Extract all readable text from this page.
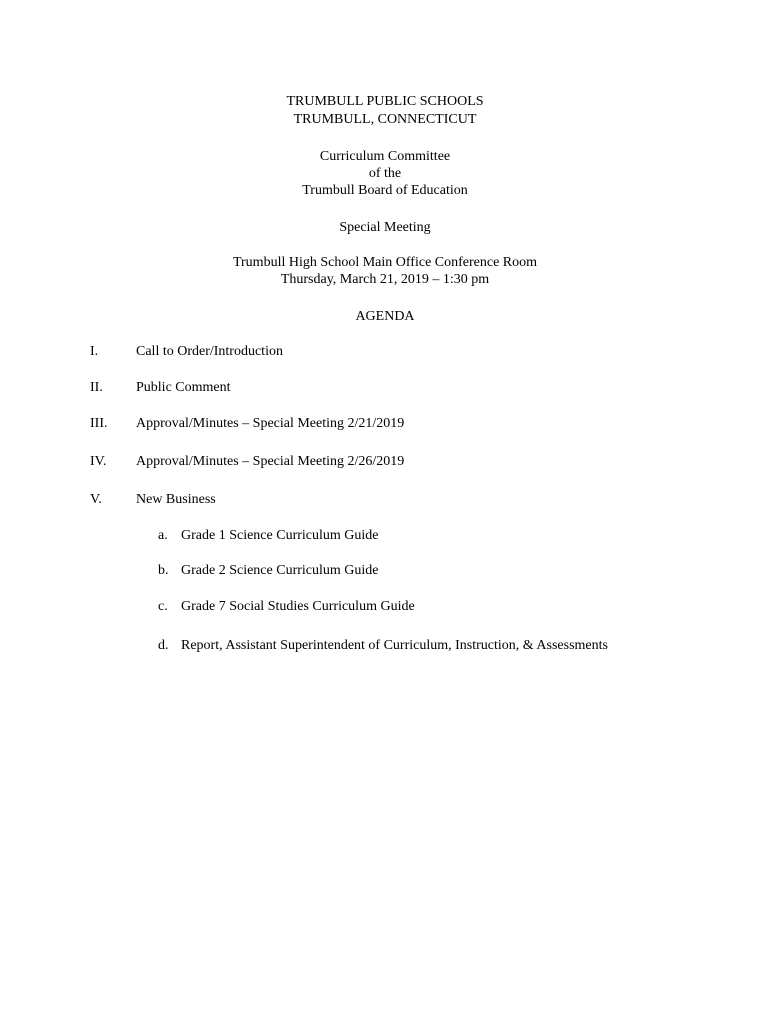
TRUMBULL PUBLIC SCHOOLS
TRUMBULL, CONNECTICUT
Curriculum Committee
of the
Trumbull Board of Education
Special Meeting
Trumbull High School Main Office Conference Room
Thursday, March 21, 2019 – 1:30 pm
AGENDA
I.	Call to Order/Introduction
II. Public Comment
III. Approval/Minutes – Special Meeting 2/21/2019
IV. Approval/Minutes – Special Meeting 2/26/2019
V. New Business
a. Grade 1 Science Curriculum Guide
b. Grade 2 Science Curriculum Guide
c. Grade 7 Social Studies Curriculum Guide
d. Report, Assistant Superintendent of Curriculum, Instruction, & Assessments
